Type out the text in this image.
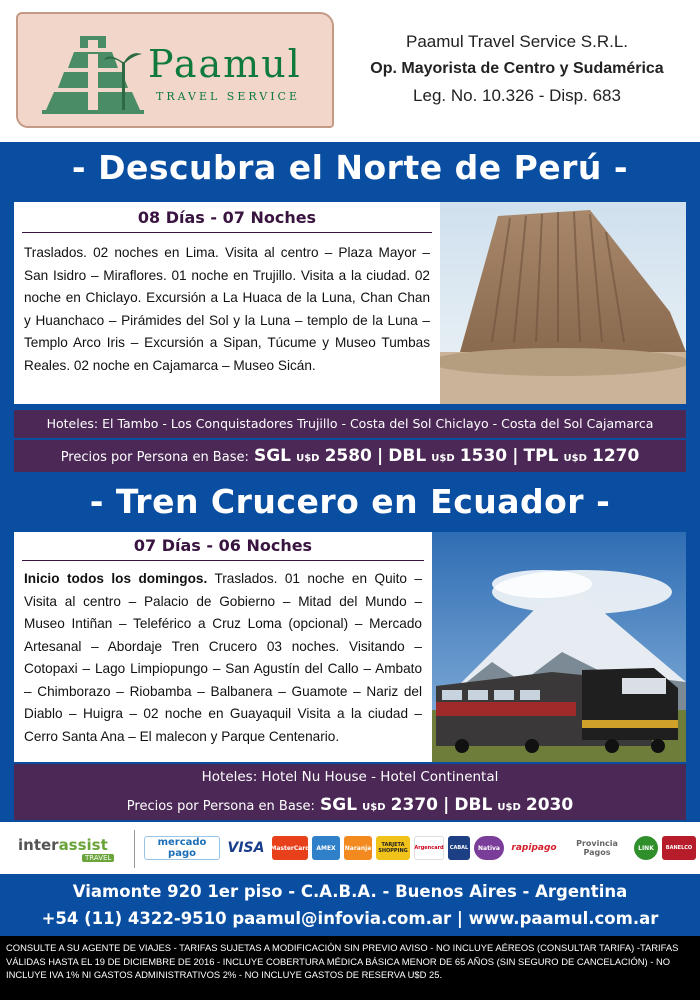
Paamul
TRAVEL SERVICE
Paamul Travel Service S.R.L.
Op. Mayorista de Centro y Sudamérica
Leg. No. 10.326 - Disp. 683
- Descubra el Norte de Perú -
08 Días - 07 Noches
Traslados. 02 noches en Lima. Visita al centro – Plaza Mayor – San Isidro – Miraflores. 01 noche en Trujillo. Visita a la ciudad. 02 noche en Chiclayo. Excursión a La Huaca de la Luna, Chan Chan y Huanchaco – Pirámides del Sol y la Luna – templo de la Luna – Templo Arco Iris – Excursión a Sipan, Túcume y Museo Tumbas Reales. 02 noche en Cajamarca – Museo Sicán.
Hoteles: El Tambo - Los Conquistadores Trujillo - Costa del Sol Chiclayo - Costa del Sol Cajamarca
Precios por Persona en Base: SGL U$D 2580 | DBL U$D 1530 | TPL U$D 1270
- Tren Crucero en Ecuador -
07 Días - 06 Noches
Inicio todos los domingos. Traslados. 01 noche en Quito – Visita al centro – Palacio de Gobierno – Mitad del Mundo – Museo Intiñan – Teleférico a Cruz Loma (opcional) – Mercado Artesanal – Abordaje Tren Crucero 03 noches. Visitando – Cotopaxi – Lago Limpiopungo – San Agustín del Callo – Ambato – Chimborazo – Riobamba – Balbanera – Guamote – Nariz del Diablo – Huigra – 02 noche en Guayaquil Visita a la ciudad – Cerro Santa Ana – El malecon y Parque Centenario.
Hoteles: Hotel Nu House - Hotel Continental
Precios por Persona en Base: SGL U$D 2370 | DBL U$D 2030
interassist
TRAVEL
mercado pago	VISA MasterCard	AMEX	Naranja	TARJETA SHOPPING	Argencard	CABAL	Nativa	rapipago	Provincia Pagos	LINK	BANELCO
Viamonte 920 1er piso - C.A.B.A. - Buenos Aires - Argentina
+54 (11) 4322-9510 paamul@infovia.com.ar | www.paamul.com.ar
CONSULTE A SU AGENTE DE VIAJES - TARIFAS SUJETAS A MODIFICACIÓN SIN PREVIO AVISO - NO INCLUYE AÉREOS (CONSULTAR TARIFA) -TARIFAS VÁLIDAS HASTA EL 19 DE DICIEMBRE DE 2016 - INCLUYE COBERTURA MÉDICA BÁSICA MENOR DE 65 AÑOS (SIN SEGURO DE CANCELACIÓN) - NO INCLUYE IVA 1% NI GASTOS ADMINISTRATIVOS 2% - NO INCLUYE GASTOS DE RESERVA U$D 25.
